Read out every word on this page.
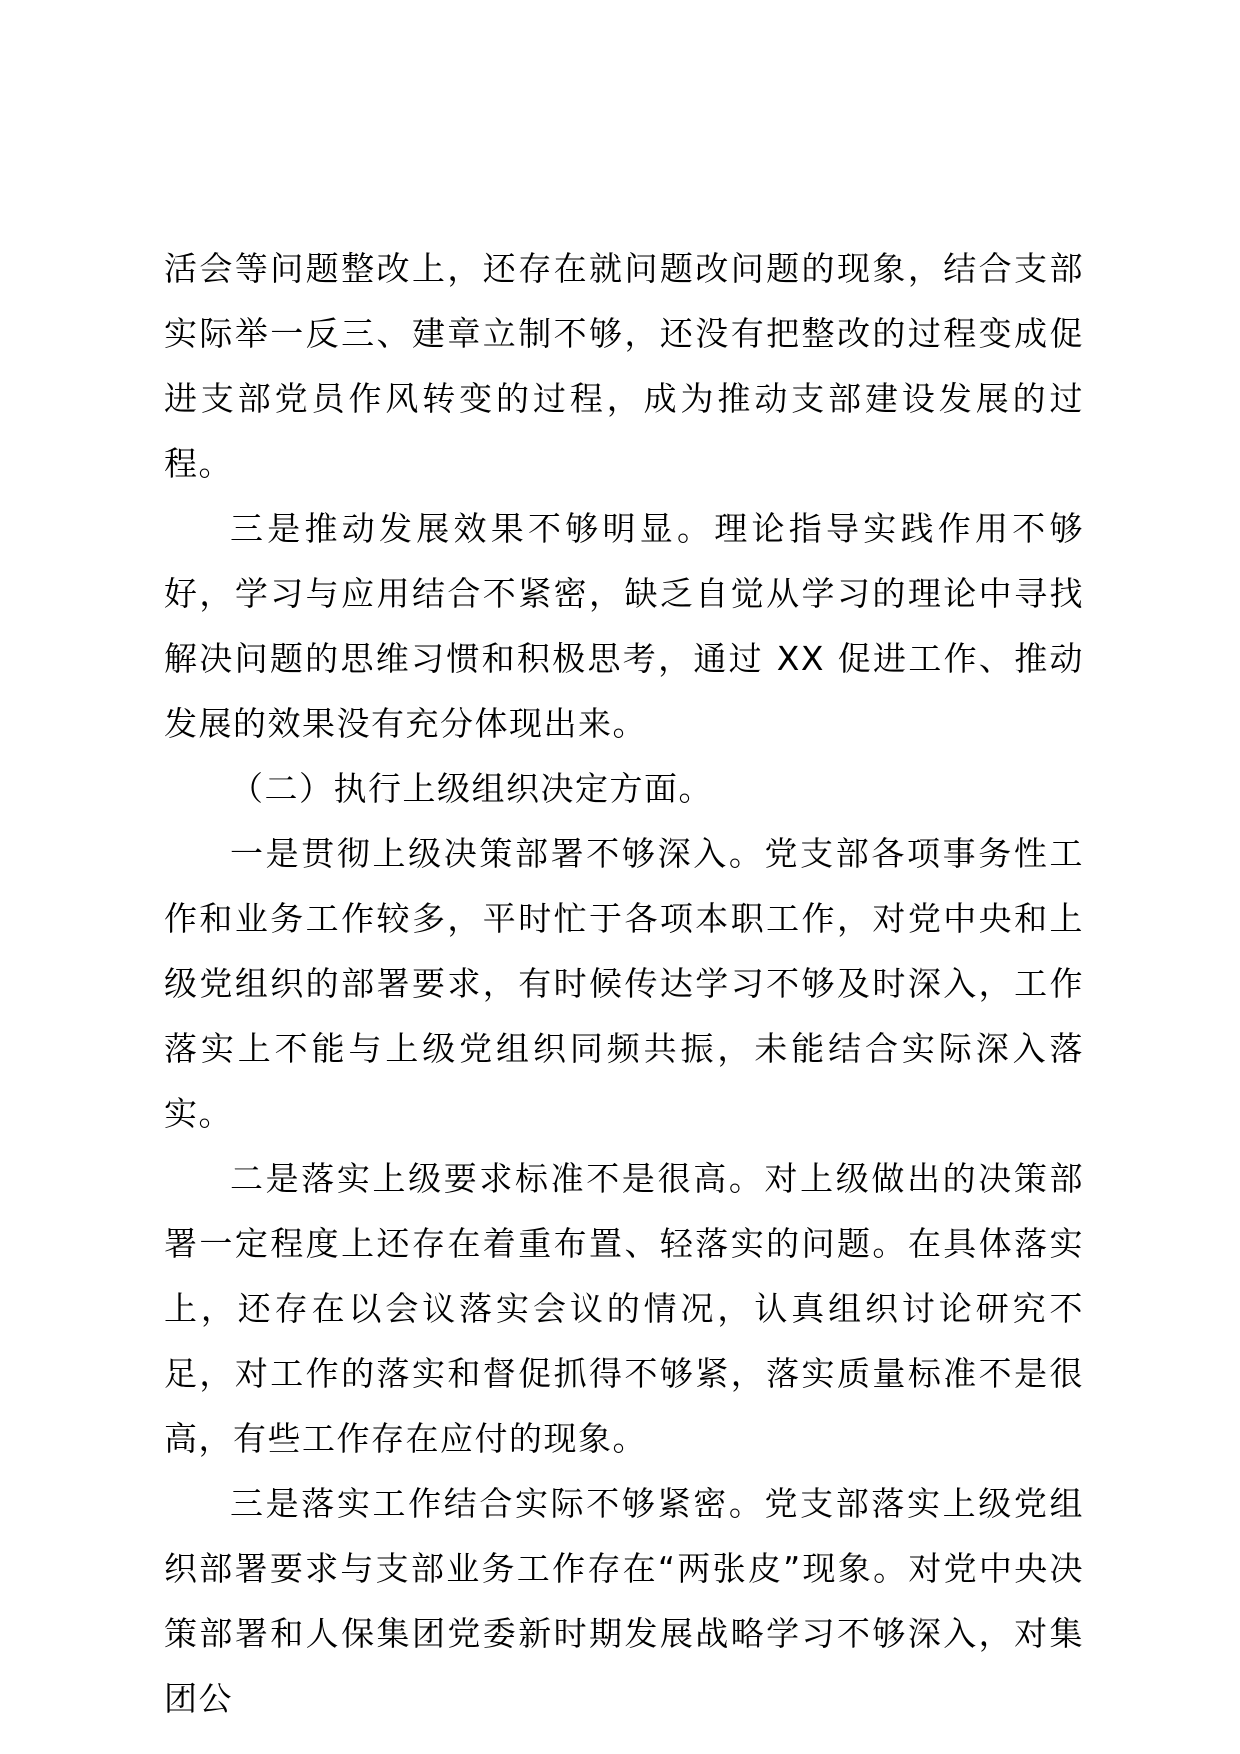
活会等问题整改上，还存在就问题改问题的现象，结合支部实际举一反三、建章立制不够，还没有把整改的过程变成促进支部党员作风转变的过程，成为推动支部建设发展的过程。

三是推动发展效果不够明显。理论指导实践作用不够好，学习与应用结合不紧密，缺乏自觉从学习的理论中寻找解决问题的思维习惯和积极思考，通过 XX 促进工作、推动发展的效果没有充分体现出来。

（二）执行上级组织决定方面。

一是贯彻上级决策部署不够深入。党支部各项事务性工作和业务工作较多，平时忙于各项本职工作，对党中央和上级党组织的部署要求，有时候传达学习不够及时深入，工作落实上不能与上级党组织同频共振，未能结合实际深入落实。

二是落实上级要求标准不是很高。对上级做出的决策部署一定程度上还存在着重布置、轻落实的问题。在具体落实上，还存在以会议落实会议的情况，认真组织讨论研究不足，对工作的落实和督促抓得不够紧，落实质量标准不是很高，有些工作存在应付的现象。

三是落实工作结合实际不够紧密。党支部落实上级党组织部署要求与支部业务工作存在“两张皮”现象。对党中央决策部署和人保集团党委新时期发展战略学习不够深入，对集团公
